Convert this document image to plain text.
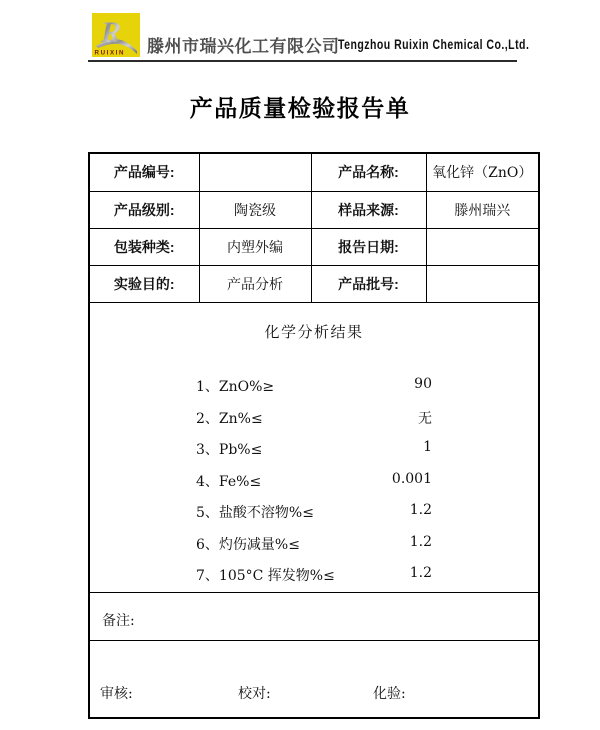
R
RUIXIN 滕州市瑞兴化工有限公司
Tengzhou Ruixin Chemical Co.,Ltd.
产品质量检验报告单
产品编号:		产品名称:	氧化锌（ZnO）
产品级别:	陶瓷级	样品来源:	滕州瑞兴
包装种类:	内塑外编	报告日期:	
实验目的:	产品分析	产品批号:	

化学分析结果
1、ZnO%≥	90
2、Zn%≤	无
3、Pb%≤	1
4、Fe%≤	0.001
5、盐酸不溶物%≤	1.2
6、灼伤减量%≤	1.2
7、105°C 挥发物%≤	1.2

备注:			

审核: 校对: 化验:			
